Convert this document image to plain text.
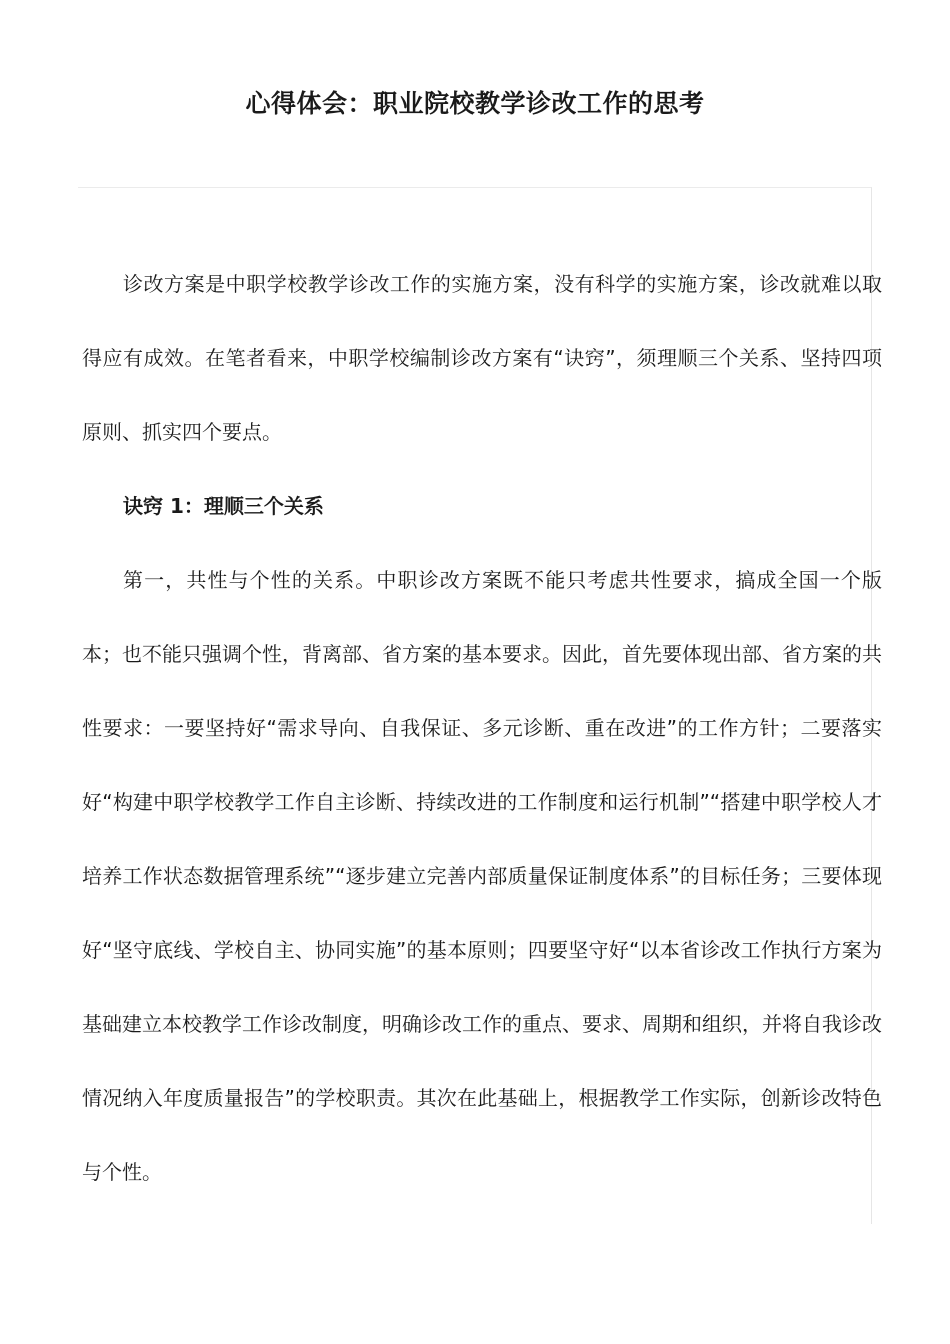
心得体会：职业院校教学诊改工作的思考

诊改方案是中职学校教学诊改工作的实施方案，没有科学的实施方案，诊改就难以取得应有成效。在笔者看来，中职学校编制诊改方案有“诀窍”，须理顺三个关系、坚持四项原则、抓实四个要点。

诀窍 1：理顺三个关系

第一，共性与个性的关系。中职诊改方案既不能只考虑共性要求，搞成全国一个版本；也不能只强调个性，背离部、省方案的基本要求。因此，首先要体现出部、省方案的共性要求：一要坚持好“需求导向、自我保证、多元诊断、重在改进”的工作方针；二要落实好“构建中职学校教学工作自主诊断、持续改进的工作制度和运行机制”“搭建中职学校人才培养工作状态数据管理系统”“逐步建立完善内部质量保证制度体系”的目标任务；三要体现好“坚守底线、学校自主、协同实施”的基本原则；四要坚守好“以本省诊改工作执行方案为基础建立本校教学工作诊改制度，明确诊改工作的重点、要求、周期和组织，并将自我诊改情况纳入年度质量报告”的学校职责。其次在此基础上，根据教学工作实际，创新诊改特色与个性。
